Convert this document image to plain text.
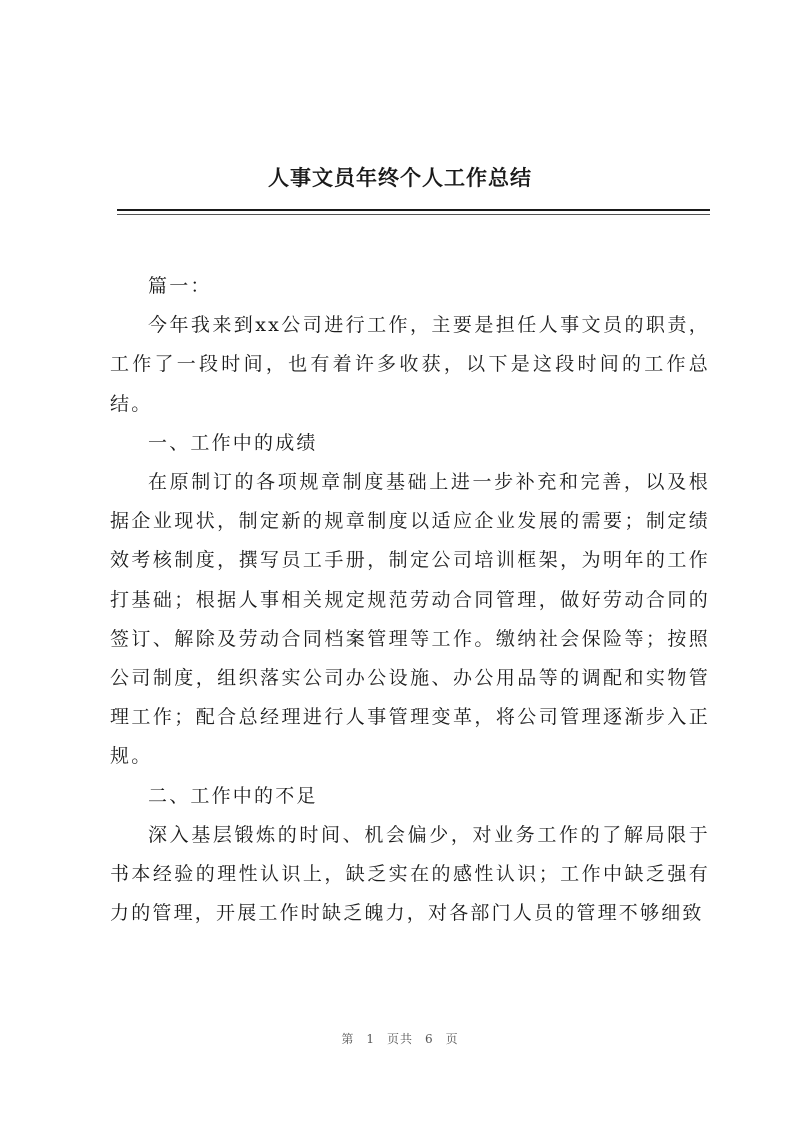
人事文员年终个人工作总结

篇一：

今年我来到xx公司进行工作，主要是担任人事文员的职责，工作了一段时间，也有着许多收获，以下是这段时间的工作总结。

一、工作中的成绩

在原制订的各项规章制度基础上进一步补充和完善，以及根据企业现状，制定新的规章制度以适应企业发展的需要；制定绩效考核制度，撰写员工手册，制定公司培训框架，为明年的工作打基础；根据人事相关规定规范劳动合同管理，做好劳动合同的签订、解除及劳动合同档案管理等工作。缴纳社会保险等；按照公司制度，组织落实公司办公设施、办公用品等的调配和实物管理工作；配合总经理进行人事管理变革，将公司管理逐渐步入正规。

二、工作中的不足

深入基层锻炼的时间、机会偏少，对业务工作的了解局限于书本经验的理性认识上，缺乏实在的感性认识；工作中缺乏强有力的管理，开展工作时缺乏魄力，对各部门人员的管理不够细致

第 1 页共 6 页
